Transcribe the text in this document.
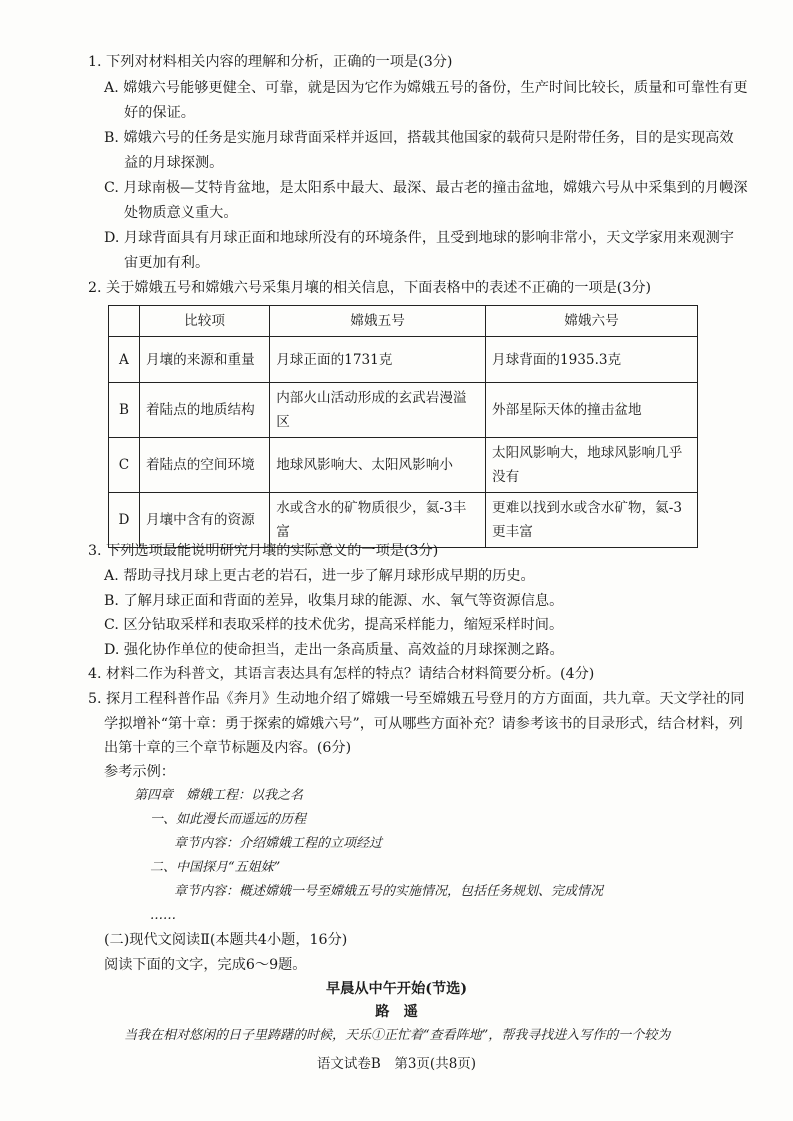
1. 下列对材料相关内容的理解和分析，正确的一项是(3分)
A. 嫦娥六号能够更健全、可靠，就是因为它作为嫦娥五号的备份，生产时间比较长，质量和可靠性有更
好的保证。
B. 嫦娥六号的任务是实施月球背面采样并返回，搭载其他国家的载荷只是附带任务，目的是实现高效
益的月球探测。
C. 月球南极—艾特肯盆地，是太阳系中最大、最深、最古老的撞击盆地，嫦娥六号从中采集到的月幔深
处物质意义重大。
D. 月球背面具有月球正面和地球所没有的环境条件，且受到地球的影响非常小，天文学家用来观测宇
宙更加有利。
2. 关于嫦娥五号和嫦娥六号采集月壤的相关信息，下面表格中的表述不正确的一项是(3分)
	比较项	嫦娥五号	嫦娥六号
A	月壤的来源和重量	月球正面的1731克	月球背面的1935.3克
B	着陆点的地质结构	内部火山活动形成的玄武岩漫溢区	外部星际天体的撞击盆地
C	着陆点的空间环境	地球风影响大、太阳风影响小	太阳风影响大，地球风影响几乎没有
D	月壤中含有的资源	水或含水的矿物质很少，氦-3丰富	更难以找到水或含水矿物，氦-3更丰富
3. 下列选项最能说明研究月壤的实际意义的一项是(3分)
A. 帮助寻找月球上更古老的岩石，进一步了解月球形成早期的历史。
B. 了解月球正面和背面的差异，收集月球的能源、水、氧气等资源信息。
C. 区分钻取采样和表取采样的技术优劣，提高采样能力，缩短采样时间。
D. 强化协作单位的使命担当，走出一条高质量、高效益的月球探测之路。
4. 材料二作为科普文，其语言表达具有怎样的特点？请结合材料简要分析。(4分)
5. 探月工程科普作品《奔月》生动地介绍了嫦娥一号至嫦娥五号登月的方方面面，共九章。天文学社的同
学拟增补“第十章：勇于探索的嫦娥六号”，可从哪些方面补充？请参考该书的目录形式，结合材料，列
出第十章的三个章节标题及内容。(6分)
参考示例：
第四章　嫦娥工程：以我之名
一、如此漫长而遥远的历程
章节内容：介绍嫦娥工程的立项经过
二、中国探月“五姐妹”
章节内容：概述嫦娥一号至嫦娥五号的实施情况，包括任务规划、完成情况
……
(二)现代文阅读Ⅱ(本题共4小题，16分)
阅读下面的文字，完成6～9题。
早晨从中午开始(节选)
路　遥
当我在相对悠闲的日子里踌躇的时候，天乐①正忙着“查看阵地”，帮我寻找进入写作的一个较为
语文试卷B　第3页(共8页)
